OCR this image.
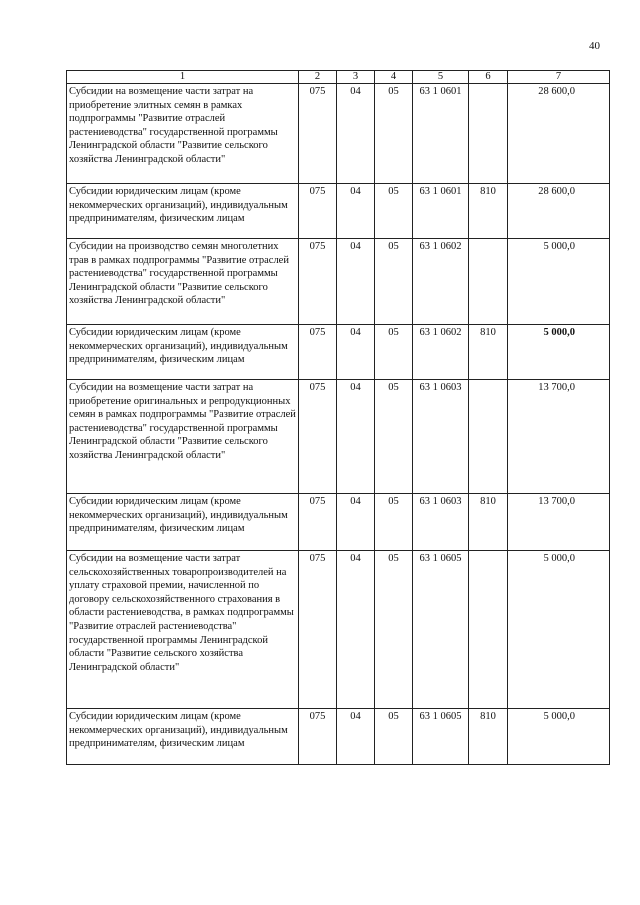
40
1	2	3	4	5	6	7
Субсидии на возмещение части затрат на приобретение элитных семян в рамках подпрограммы "Развитие отраслей растениеводства" государственной программы Ленинградской области "Развитие сельского хозяйства Ленинградской области"	075	04	05	63 1 0601		28 600,0
Субсидии юридическим лицам (кроме некоммерческих организаций), индивидуальным предпринимателям, физическим лицам	075	04	05	63 1 0601	810	28 600,0
Субсидии на производство семян многолетних трав в рамках подпрограммы "Развитие отраслей растениеводства" государственной программы Ленинградской области "Развитие сельского хозяйства Ленинградской области"	075	04	05	63 1 0602		5 000,0
Субсидии юридическим лицам (кроме некоммерческих организаций), индивидуальным предпринимателям, физическим лицам	075	04	05	63 1 0602	810	5 000,0
Субсидии на возмещение части затрат на приобретение оригинальных и репродукционных семян в рамках подпрограммы "Развитие отраслей растениеводства" государственной программы Ленинградской области "Развитие сельского хозяйства Ленинградской области"	075	04	05	63 1 0603		13 700,0
Субсидии юридическим лицам (кроме некоммерческих организаций), индивидуальным предпринимателям, физическим лицам	075	04	05	63 1 0603	810	13 700,0
Субсидии на возмещение части затрат сельскохозяйственных товаропроизводителей на уплату страховой премии, начисленной по договору сельскохозяйственного страхования в области растениеводства, в рамках подпрограммы "Развитие отраслей растениеводства" государственной программы Ленинградской области "Развитие сельского хозяйства Ленинградской области"	075	04	05	63 1 0605		5 000,0
Субсидии юридическим лицам (кроме некоммерческих организаций), индивидуальным предпринимателям, физическим лицам	075	04	05	63 1 0605	810	5 000,0
